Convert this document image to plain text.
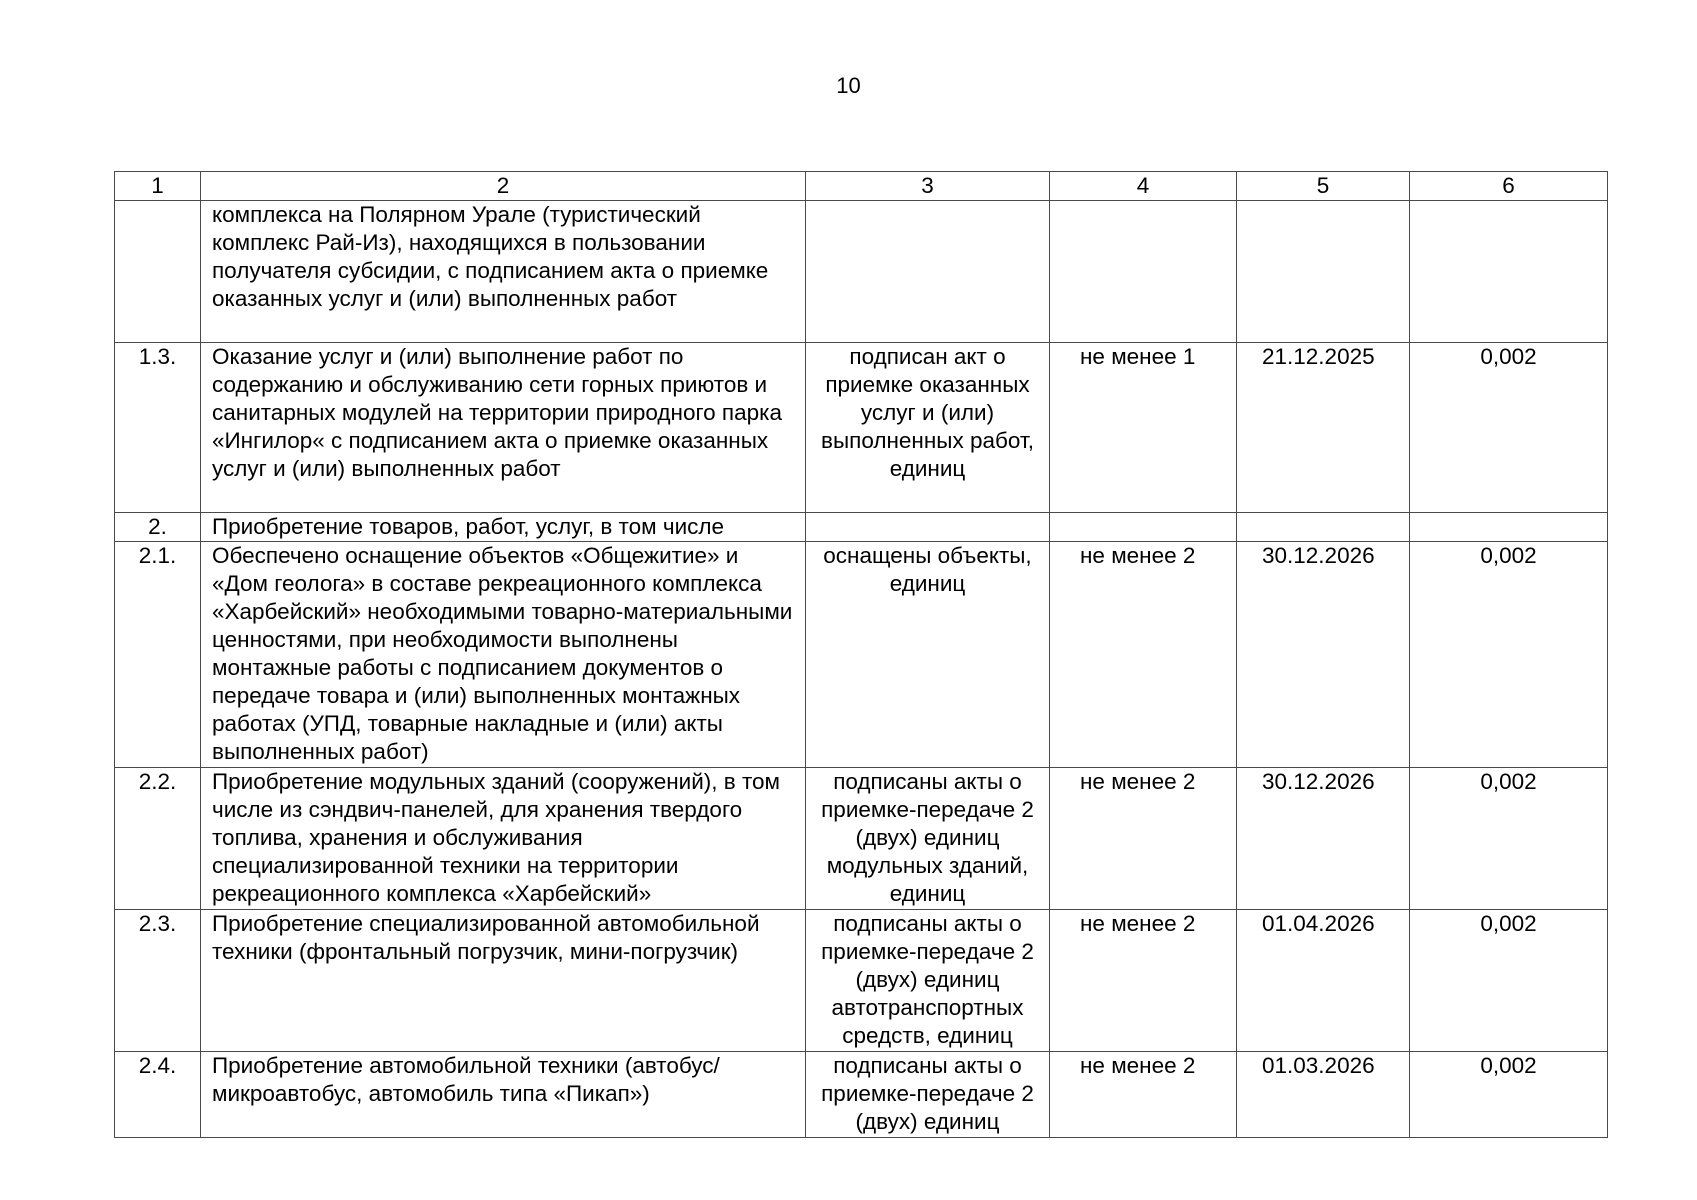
10
1	2	3	4	5	6
	комплекса на Полярном Урале (туристический комплекс Рай-Из), находящихся в пользовании получателя субсидии, с подписанием акта о приемке оказанных услуг и (или) выполненных работ				
1.3.	Оказание услуг и (или) выполнение работ по содержанию и обслуживанию сети горных приютов и санитарных модулей на территории природного парка «Ингилор« с подписанием акта о приемке оказанных услуг и (или) выполненных работ	подписан акт о приемке оказанных услуг и (или) выполненных работ, единиц	не менее 1	21.12.2025	0,002
2.	Приобретение товаров, работ, услуг, в том числе				
2.1.	Обеспечено оснащение объектов «Общежитие» и «Дом геолога» в составе рекреационного комплекса «Харбейский» необходимыми товарно-материальными ценностями, при необходимости выполнены монтажные работы с подписанием документов о передаче товара и (или) выполненных монтажных работах (УПД, товарные накладные и (или) акты выполненных работ)	оснащены объекты, единиц	не менее 2	30.12.2026	0,002
2.2.	Приобретение модульных зданий (сооружений), в том числе из сэндвич-панелей, для хранения твердого топлива, хранения и обслуживания специализированной техники на территории рекреационного комплекса «Харбейский»	подписаны акты о приемке-передаче 2 (двух) единиц модульных зданий, единиц	не менее 2	30.12.2026	0,002
2.3.	Приобретение специализированной автомобильной техники (фронтальный погрузчик, мини-погрузчик)	подписаны акты о приемке-передаче 2 (двух) единиц автотранспортных средств, единиц	не менее 2	01.04.2026	0,002
2.4.	Приобретение автомобильной техники (автобус/микроавтобус, автомобиль типа «Пикап»)	подписаны акты о приемке-передаче 2 (двух) единиц	не менее 2	01.03.2026	0,002
